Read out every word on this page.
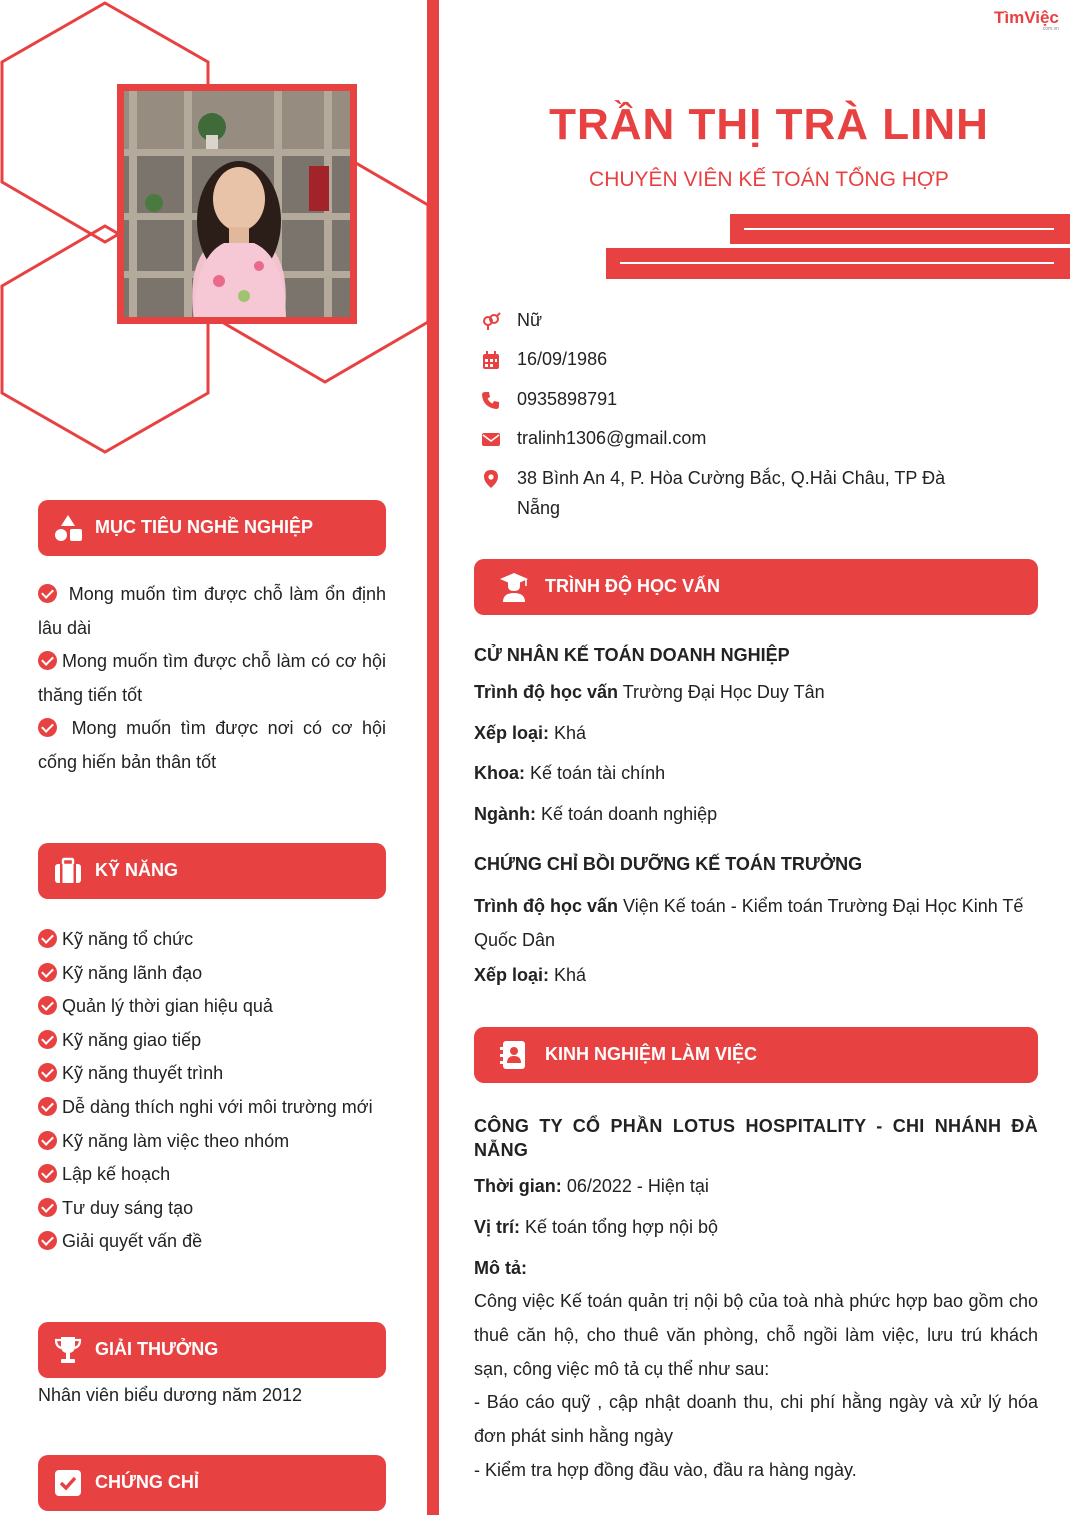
TìmViệc
.com.vn
TRẦN THỊ TRÀ LINH
CHUYÊN VIÊN KẾ TOÁN TỔNG HỢP
Nữ
16/09/1986
0935898791
tralinh1306@gmail.com
38 Bình An 4, P. Hòa Cường Bắc, Q.Hải Châu, TP Đà Nẵng
MỤC TIÊU NGHỀ NGHIỆP
Mong muốn tìm được chỗ làm ổn định lâu dài
Mong muốn tìm được chỗ làm có cơ hội thăng tiến tốt
Mong muốn tìm được nơi có cơ hội cống hiến bản thân tốt
KỸ NĂNG
Kỹ năng tổ chức
Kỹ năng lãnh đạo
Quản lý thời gian hiệu quả
Kỹ năng giao tiếp
Kỹ năng thuyết trình
Dễ dàng thích nghi với môi trường mới
Kỹ năng làm việc theo nhóm
Lập kế hoạch
Tư duy sáng tạo
Giải quyết vấn đề
GIẢI THƯỞNG
Nhân viên biểu dương năm 2012
CHỨNG CHỈ
TRÌNH ĐỘ HỌC VẤN
CỬ NHÂN KẾ TOÁN DOANH NGHIỆP
Trình độ học vấn Trường Đại Học Duy Tân
Xếp loại: Khá
Khoa: Kế toán tài chính
Ngành: Kế toán doanh nghiệp
CHỨNG CHỈ BỒI DƯỠNG KẾ TOÁN TRƯỞNG
Trình độ học vấn Viện Kế toán - Kiểm toán Trường Đại Học Kinh Tế Quốc Dân
Xếp loại: Khá
KINH NGHIỆM LÀM VIỆC
CÔNG TY CỔ PHẦN LOTUS HOSPITALITY - CHI NHÁNH ĐÀ NẴNG
Thời gian: 06/2022 - Hiện tại
Vị trí: Kế toán tổng hợp nội bộ
Mô tả:
Công việc Kế toán quản trị nội bộ của toà nhà phức hợp bao gồm cho thuê căn hộ, cho thuê văn phòng, chỗ ngồi làm việc, lưu trú khách sạn, công việc mô tả cụ thể như sau:
- Báo cáo quỹ , cập nhật doanh thu, chi phí hằng ngày và xử lý hóa đơn phát sinh hằng ngày
- Kiểm tra hợp đồng đầu vào, đầu ra hàng ngày.
